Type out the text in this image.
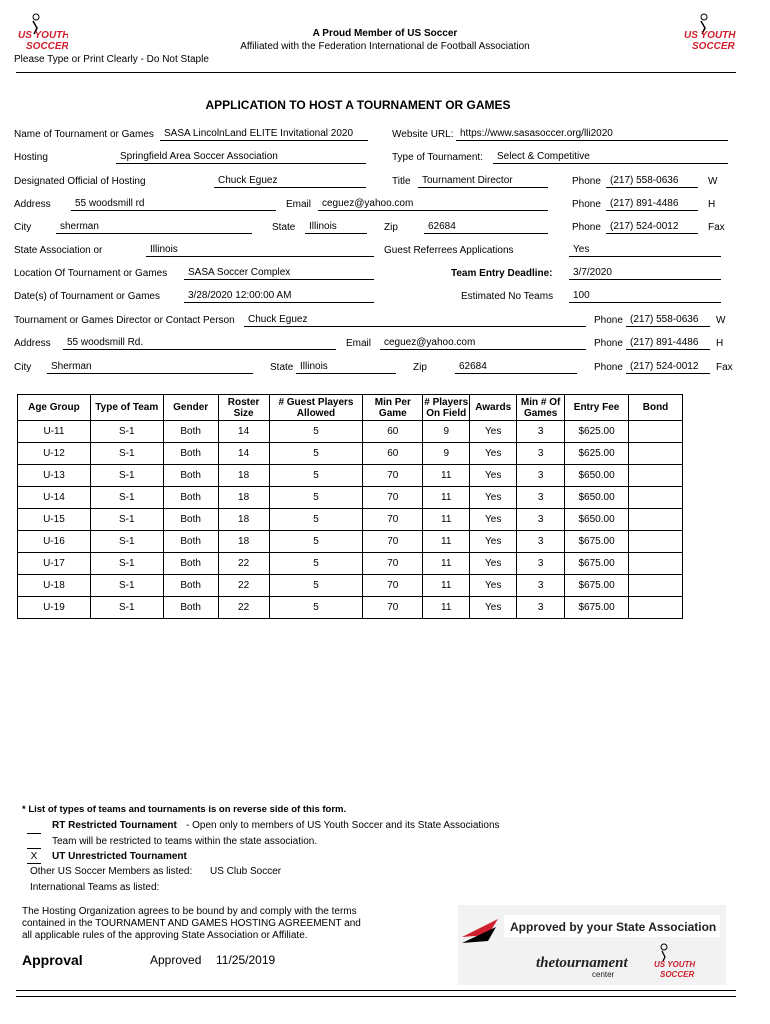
US YOUTH
SOCCER
US YOUTH
SOCCER
A Proud Member of US Soccer
Affiliated with the Federation International de Football Association
Please Type or Print Clearly - Do Not Staple
APPLICATION TO HOST A TOURNAMENT OR GAMES
Name of Tournament or Games	SASA LincolnLand ELITE Invitational 2020	Website URL: https://www.sasasoccer.org/lli2020
Hosting	Springfield Area Soccer Association	Type of Tournament:	Select & Competitive
Designated Official of Hosting	Chuck Eguez	Title	Tournament Director	Phone (217) 558-0636	W
Address	55 woodsmill rd	Email	ceguez@yahoo.com	Phone (217) 891-4486	H
City	sherman	State	Illinois	Zip	62684	Phone (217) 524-0012	Fax
State Association or	Illinois	Guest Referrees Applications	Yes
Location Of Tournament or Games	SASA Soccer Complex	Team Entry Deadline:	3/7/2020
Date(s) of Tournament or Games	3/28/2020 12:00:00 AM	Estimated No Teams	100
Tournament or Games Director or Contact Person	Chuck Eguez	Phone (217) 558-0636	W
Address	55 woodsmill Rd.	Email	ceguez@yahoo.com	Phone (217) 891-4486	H
City	Sherman	State Illinois	Zip	62684	Phone (217) 524-0012	Fax
Age Group	Type of Team	Gender	Roster Size	# Guest Players Allowed	Min Per Game	# Players On Field	Awards	Min # Of Games	Entry Fee	Bond
U-11	S-1	Both	14	5	60	9	Yes	3	$625.00	
U-12	S-1	Both	14	5	60	9	Yes	3	$625.00	
U-13	S-1	Both	18	5	70	11	Yes	3	$650.00	
U-14	S-1	Both	18	5	70	11	Yes	3	$650.00	
U-15	S-1	Both	18	5	70	11	Yes	3	$650.00	
U-16	S-1	Both	18	5	70	11	Yes	3	$675.00	
U-17	S-1	Both	22	5	70	11	Yes	3	$675.00	
U-18	S-1	Both	22	5	70	11	Yes	3	$675.00	
U-19	S-1	Both	22	5	70	11	Yes	3	$675.00	
* List of types of teams and tournaments is on reverse side of this form.
RT Restricted Tournament - Open only to members of US Youth Soccer and its State Associations
Team will be restricted to teams within the state association.
X	UT Unrestricted Tournament
Other US Soccer Members as listed: US Club Soccer
International Teams as listed:
The Hosting Organization agrees to be bound by and comply with the terms
contained in the TOURNAMENT AND GAMES HOSTING AGREEMENT and
all applicable rules of the approving State Association or Affiliate.
Approval	Approved 11/25/2019
Approved by your State Association
thetournament
center
US YOUTH
SOCCER
